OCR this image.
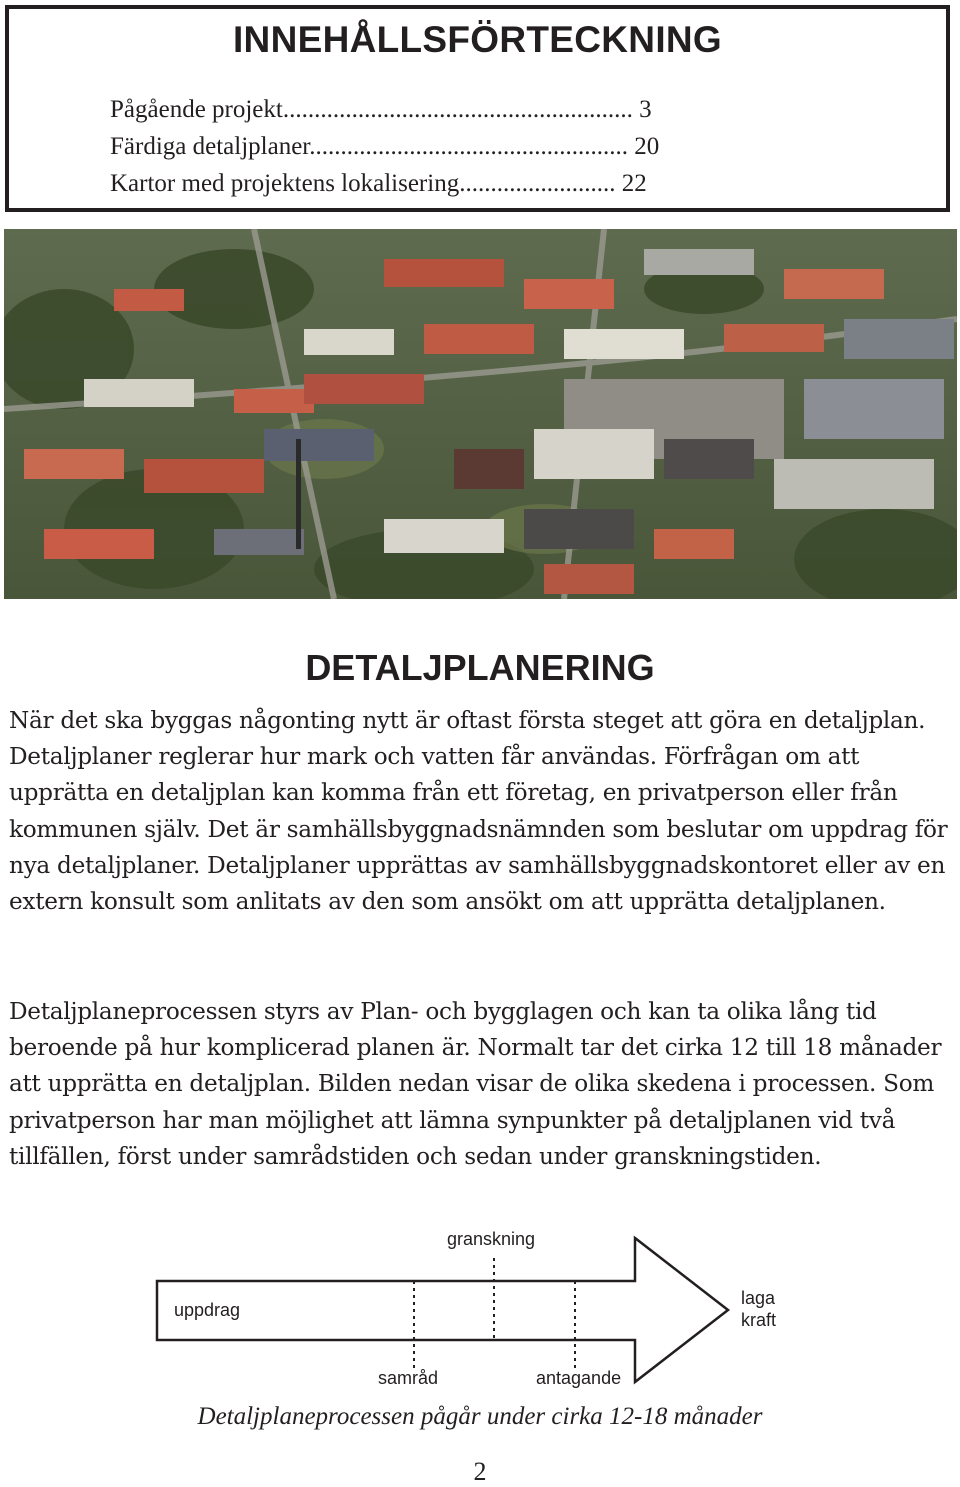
INNEHÅLLSFÖRTECKNING
Pågående projekt........................................................ 3
Färdiga detaljplaner................................................... 20
Kartor med projektens lokalisering......................... 22
DETALJPLANERING

När det ska byggas någonting nytt är oftast första steget att göra en detaljplan. Detaljplaner reglerar hur mark och vatten får användas. Förfrågan om att upprätta en detaljplan kan komma från ett företag, en privatperson eller från kommunen själv. Det är samhällsbyggnadsnämnden som beslutar om uppdrag för nya detaljplaner. Detaljplaner upprättas av samhällsbyggnadskontoret eller av en extern konsult som anlitats av den som ansökt om att upprätta detaljplanen.

Detaljplaneprocessen styrs av Plan- och bygglagen och kan ta olika lång tid beroende på hur komplicerad planen är. Normalt tar det cirka 12 till 18 månader att upprätta en detaljplan. Bilden nedan visar de olika skedena i processen. Som privatperson har man möjlighet att lämna synpunkter på detaljplanen vid två tillfällen, först under samrådstiden och sedan under granskningstiden.

granskning
uppdrag
laga
kraft
samråd	antagande
Detaljplaneprocessen pågår under cirka 12-18 månader
2
